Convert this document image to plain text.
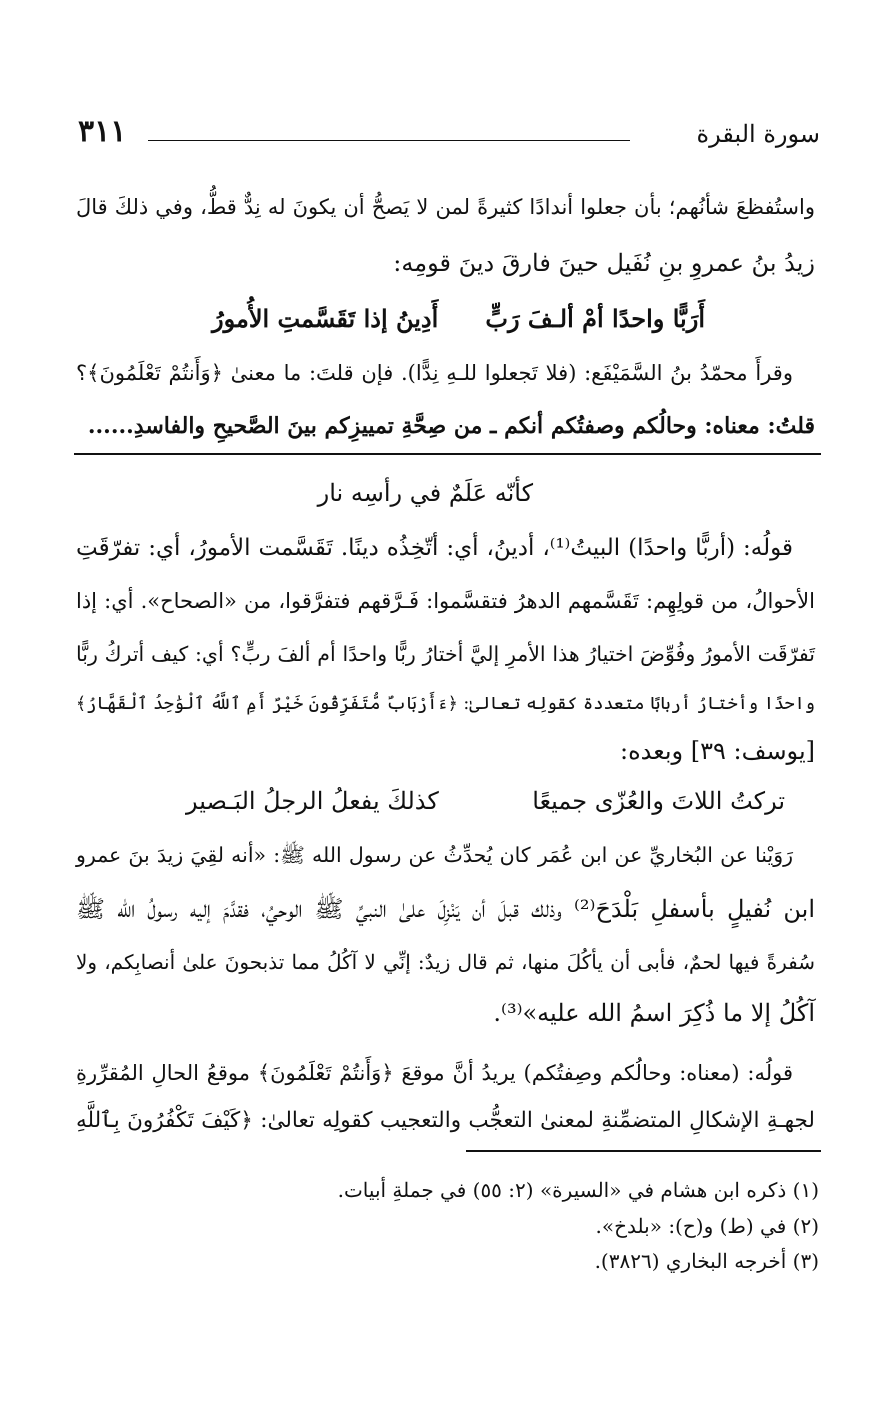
سورة البقرة
٣١١
واستُفظعَ شأنُهم؛ بأن جعلوا أندادًا كثيرةً لمن لا يَصحُّ أن يكونَ له نِدٌّ قطُّ، وفي ذلكَ قالَ
زيدُ بنُ عمروِ بنِ نُفَيل حينَ فارقَ دينَ قومِه:
أَرَبًّا واحدًا أمْ ألـفَ رَبٍّ
أَدِينُ إذا تَقَسَّمتِ الأُمورُ
وقرأَ محمّدُ بنُ السَّمَيْفَع: (فلا تَجعلوا للـهِ نِدًّا). فإن قلتَ: ما معنىٰ ﴿وَأَنتُمْ تَعْلَمُونَ﴾؟
قلتُ: معناه: وحالُكم وصفتُكم أنكم ـ من صِحَّةِ تمييزِكم بينَ الصَّحيحِ والفاسدِ......
كأنّه عَلَمٌ في رأسِه نار
قولُه: (أربًّا واحدًا) البيتُ⁽¹⁾، أدينُ، أي: أتّخِذُه دينًا. تَقَسَّمت الأمورُ، أي: تفرّقَتِ
الأحوالُ، من قولِهِم: تَقَسَّمهم الدهرُ فتقسَّموا: فَـرَّقهم فتفرَّقوا، من «الصحاح». أي: إذا
تَفرّقَت الأمورُ وفُوِّضَ اختيارُ هذا الأمرِ إليَّ أختارُ ربًّا واحدًا أم ألفَ ربٍّ؟ أي: كيف أتركُ ربًّا
واحدًا وأختارُ أربابًا متعددة كقولِه تعالىٰ: ﴿ءَأَرْبَابٌ مُّتَفَرِّقُونَ خَيْرٌ أَمِ ٱللَّهُ ٱلْوَٰحِدُ ٱلْقَهَّارُ﴾
[يوسف: ٣٩] وبعده:
تركتُ اللاتَ والعُزّى جميعًا
كذلكَ يفعلُ الرجلُ البَـصير
رَوَيْنا عن البُخاريِّ عن ابن عُمَر كان يُحدِّثُ عن رسول الله ﷺ: «أنه لقِيَ زيدَ بنَ عمرو
ابن نُفيلٍ بأسفلِ بَلْدَحَ⁽²⁾ وذلك قبلَ أن يَنْزِلَ علىٰ النبيِّ ﷺ الوحيُ، فقدَّمَ إليه رسولُ الله ﷺ
سُفرةً فيها لحمٌ، فأبى أن يأكُلَ منها، ثم قال زيدٌ: إنِّي لا آكُلُ مما تذبحونَ علىٰ أنصابِكم، ولا
آكُلُ إلا ما ذُكِرَ اسمُ الله عليه»⁽³⁾.
قولُه: (معناه: وحالُكم وصِفتُكم) يريدُ أنَّ موقعَ ﴿وَأَنتُمْ تَعْلَمُونَ﴾ موقعُ الحالِ المُقرِّرةِ
لجهـةِ الإشكالِ المتضمِّنةِ لمعنىٰ التعجُّب والتعجيب كقولِه تعالىٰ: ﴿كَيْفَ تَكْفُرُونَ بِٱللَّهِ
(١) ذكره ابن هشام في «السيرة» (٢: ٥٥) في جملةِ أبيات.
(٢) في (ط) و(ح): «بلدخ».
(٣) أخرجه البخاري (٣٨٢٦).
